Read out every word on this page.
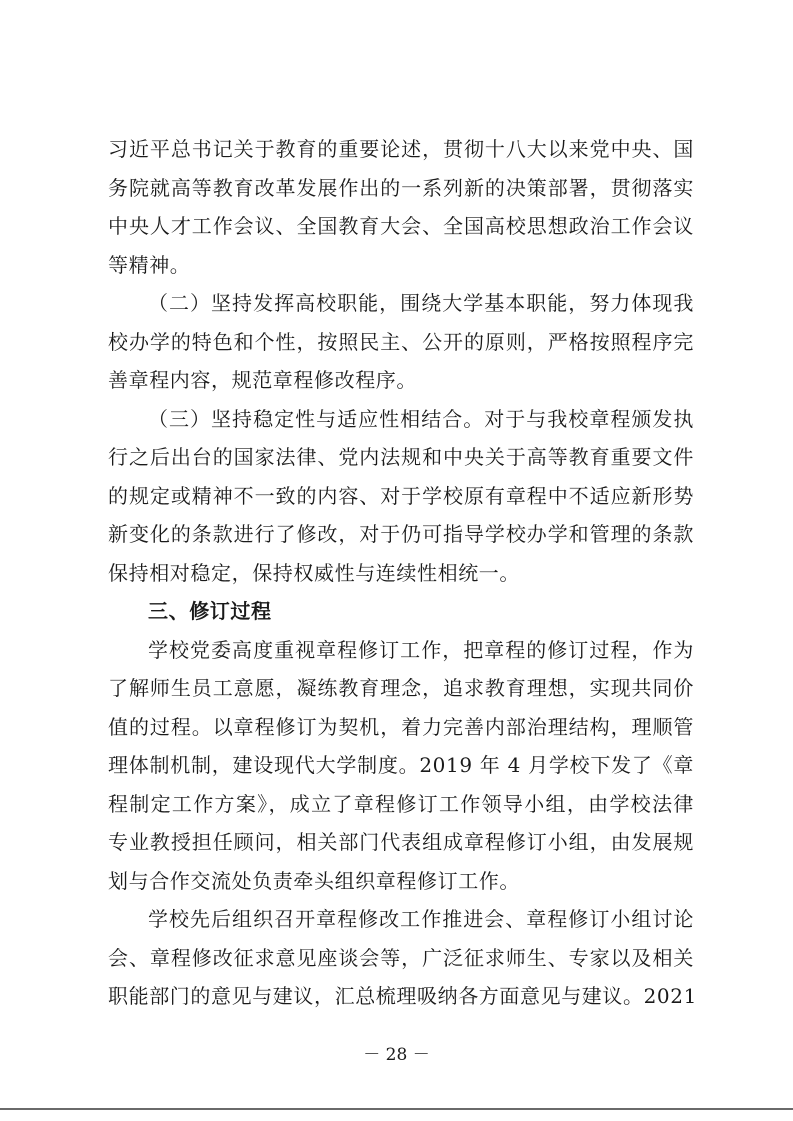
习近平总书记关于教育的重要论述，贯彻十八大以来党中央、国
务院就高等教育改革发展作出的一系列新的决策部署，贯彻落实
中央人才工作会议、全国教育大会、全国高校思想政治工作会议
等精神。
（二）坚持发挥高校职能，围绕大学基本职能，努力体现我
校办学的特色和个性，按照民主、公开的原则，严格按照程序完
善章程内容，规范章程修改程序。
（三）坚持稳定性与适应性相结合。对于与我校章程颁发执
行之后出台的国家法律、党内法规和中央关于高等教育重要文件
的规定或精神不一致的内容、对于学校原有章程中不适应新形势
新变化的条款进行了修改，对于仍可指导学校办学和管理的条款
保持相对稳定，保持权威性与连续性相统一。
三、修订过程
学校党委高度重视章程修订工作，把章程的修订过程，作为
了解师生员工意愿，凝练教育理念，追求教育理想，实现共同价
值的过程。以章程修订为契机，着力完善内部治理结构，理顺管
理体制机制，建设现代大学制度。2019 年 4 月学校下发了《章
程制定工作方案》，成立了章程修订工作领导小组，由学校法律
专业教授担任顾问，相关部门代表组成章程修订小组，由发展规
划与合作交流处负责牵头组织章程修订工作。
学校先后组织召开章程修改工作推进会、章程修订小组讨论
会、章程修改征求意见座谈会等，广泛征求师生、专家以及相关
职能部门的意见与建议，汇总梳理吸纳各方面意见与建议。2021
－ 28 －
